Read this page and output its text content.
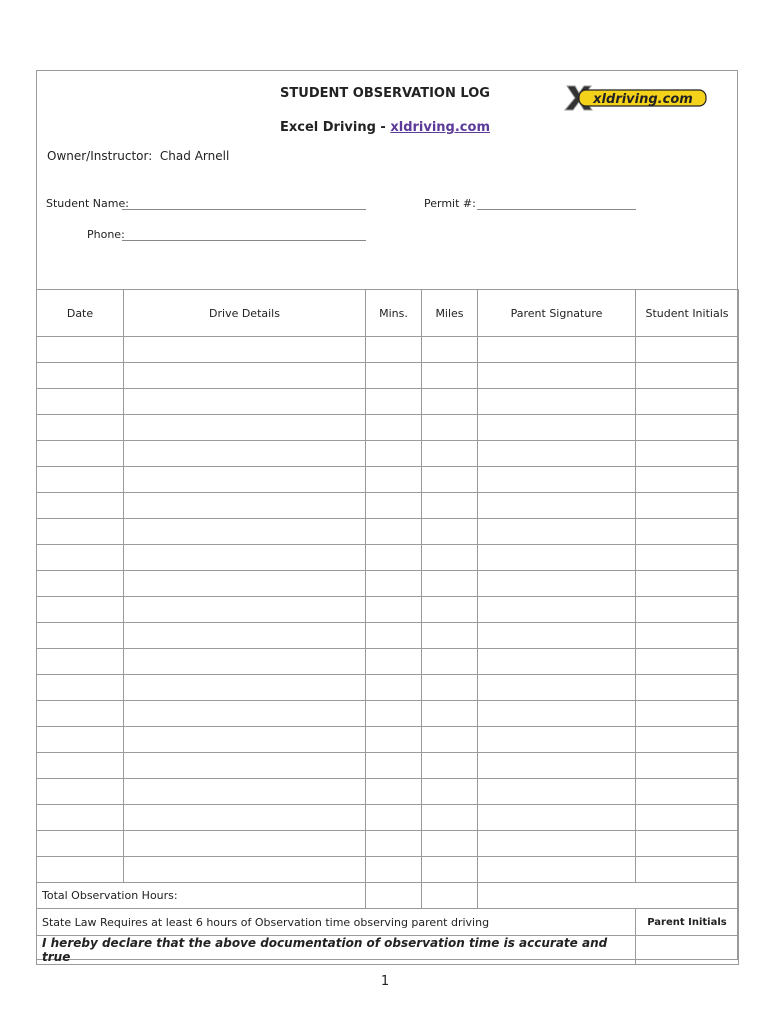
STUDENT OBSERVATION LOG
Excel Driving - xldriving.com
xldriving.com
Owner/Instructor: Chad Arnell
Student Name:	Permit #:
Phone:
Date	Drive Details	Mins.	Miles	Parent Signature	Student Initials

Total Observation Hours:					
State Law Requires at least 6 hours of Observation time observing parent driving					Parent Initials
I hereby declare that the above documentation of observation time is accurate and true					
1
